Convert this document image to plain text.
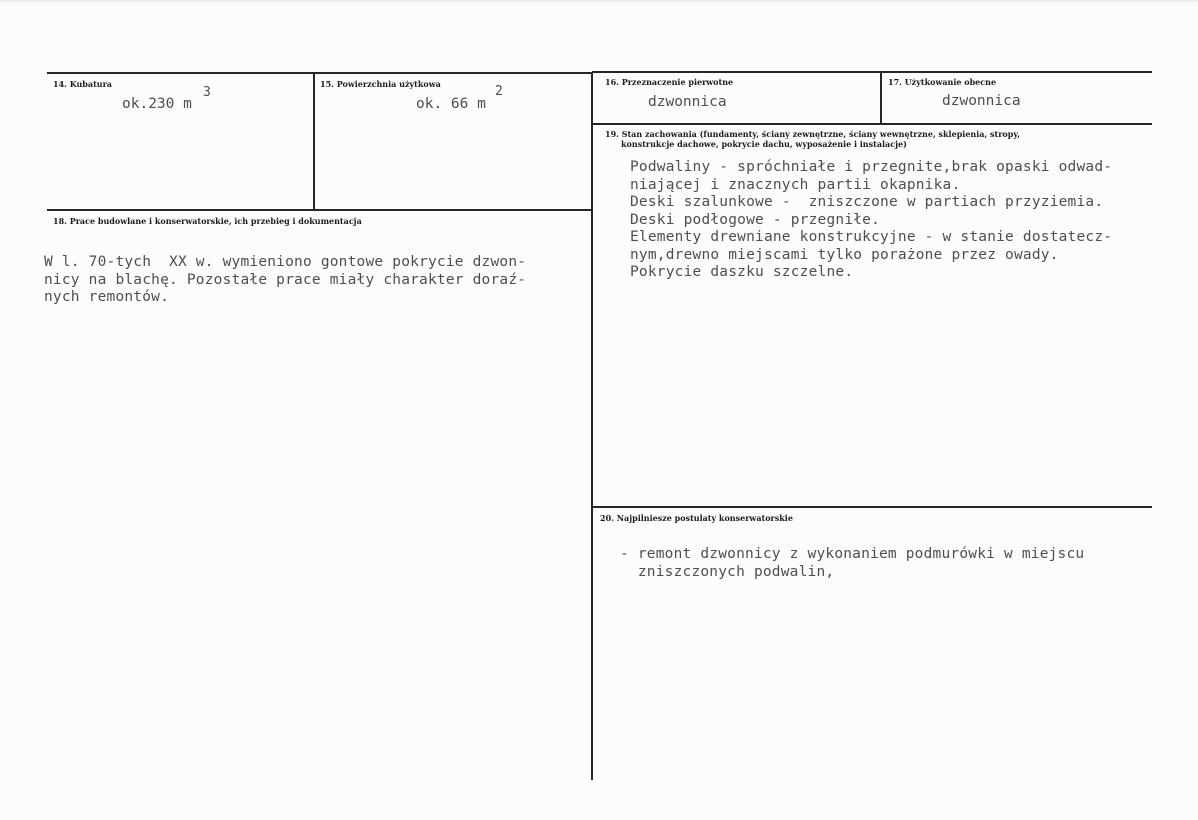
14. Kubatura
ok.230 m
3
15. Powierzchnia użytkowa
ok. 66 m
2
16. Przeznaczenie pierwotne
dzwonnica
17. Użytkowanie obecne
dzwonnica
18. Prace budowlane i konserwatorskie, ich przebieg i dokumentacja
W l. 70-tych  XX w. wymieniono gontowe pokrycie dzwon-
nicy na blachę. Pozostałe prace miały charakter doraź-
nych remontów.
19. Stan zachowania (fundamenty, ściany zewnętrzne, ściany wewnętrzne, sklepienia, stropy,
konstrukcje dachowe, pokrycie dachu, wyposażenie i instalacje)
Podwaliny - spróchniałe i przegnite,brak opaski odwad-
niającej i znacznych partii okapnika.
Deski szalunkowe -  zniszczone w partiach przyziemia.
Deski podłogowe - przegniłe.
Elementy drewniane konstrukcyjne - w stanie dostatecz-
nym,drewno miejscami tylko porażone przez owady.
Pokrycie daszku szczelne.
20. Najpilniesze postulaty konserwatorskie
- remont dzwonnicy z wykonaniem podmurówki w miejscu
zniszczonych podwalin,
